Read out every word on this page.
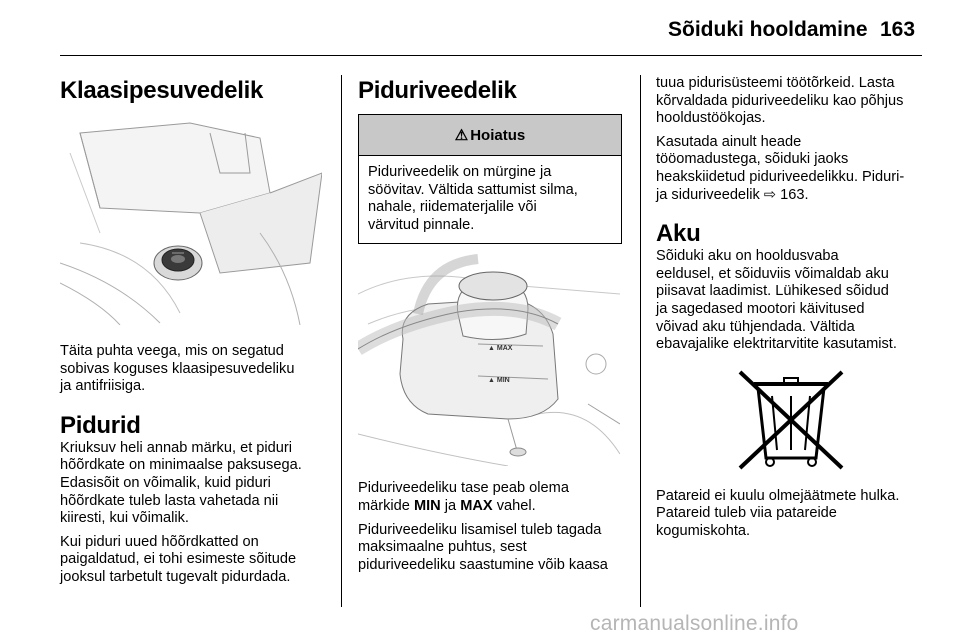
Sõiduki hooldamine 163
Klaasipesuvedelik

Täita puhta veega, mis on segatud

sobivas koguses klaasipesuvedeliku

ja antifriisiga.

Pidurid

Kriuksuv heli annab märku, et piduri

hõõrdkate on minimaalse paksusega.

Edasisõit on võimalik, kuid piduri

hõõrdkate tuleb lasta vahetada nii

kiiresti, kui võimalik.

Kui piduri uued hõõrdkatted on

paigaldatud, ei tohi esimeste sõitude

jooksul tarbetult tugevalt pidurdada.

Piduriveedelik
⚠ Hoiatus
Piduriveedelik on mürgine ja
söövitav. Vältida sattumist silma,
nahale, riidematerjalile või
värvitud pinnale.
▲ MAX
▲ MIN

Piduriveedeliku tase peab olema

märkide MIN ja MAX vahel.

Piduriveedeliku lisamisel tuleb tagada

maksimaalne puhtus, sest

piduriveedeliku saastumine võib kaasa

tuua pidurisüsteemi töötõrkeid. Lasta

kõrvaldada piduriveedeliku kao põhjus

hooldustöökojas.

Kasutada ainult heade

tööomadustega, sõiduki jaoks

heakskiidetud piduriveedelikku. Piduri-

ja siduriveedelik ⇨ 163.

Aku

Sõiduki aku on hooldusvaba

eeldusel, et sõiduviis võimaldab aku

piisavat laadimist. Lühikesed sõidud

ja sagedased mootori käivitused

võivad aku tühjendada. Vältida

ebavajalike elektritarvitite kasutamist.

Patareid ei kuulu olmejäätmete hulka.

Patareid tuleb viia patareide

kogumiskohta.

carmanualsonline.info
